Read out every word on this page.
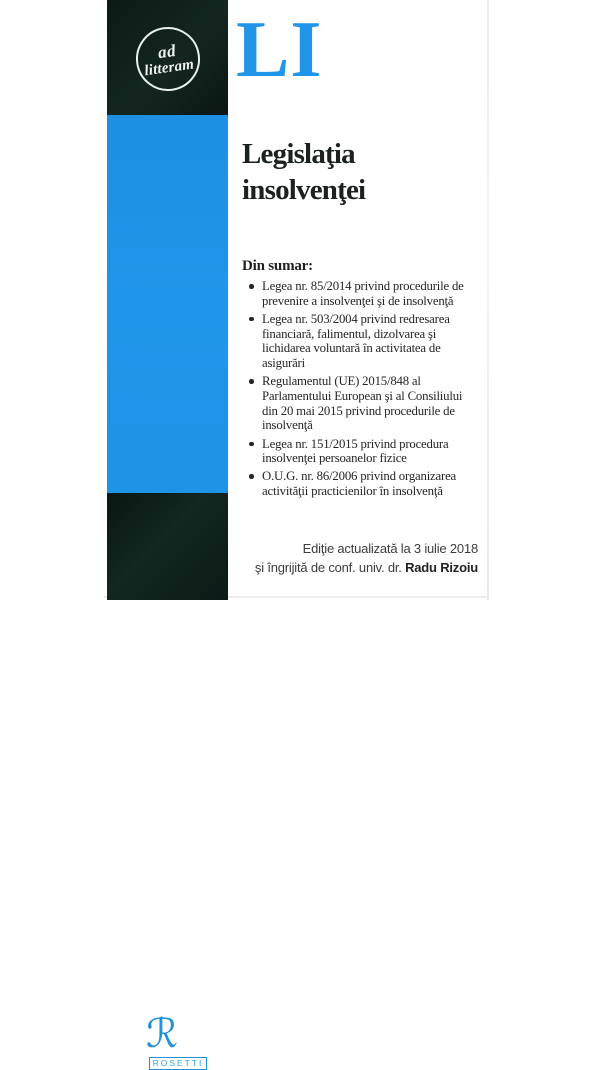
ad
litteram
ℛ
ROSETTI
LI
Legislaţia
insolvenţei
Din sumar:
Legea nr. 85/2014 privind procedurile de prevenire a insolvenţei şi de insolvenţă
Legea nr. 503/2004 privind redresarea financiară, falimentul, dizolvarea şi lichidarea voluntară în activitatea de asigurări
Regulamentul (UE) 2015/848 al Parlamentului European şi al Consiliului din 20 mai 2015 privind procedurile de insolvenţă
Legea nr. 151/2015 privind procedura insolvenţei persoanelor fizice
O.U.G. nr. 86/2006 privind organizarea activităţii practicienilor în insolvenţă
Ediţie actualizată la 3 iulie 2018
şi îngrijită de conf. univ. dr. Radu Rizoiu
